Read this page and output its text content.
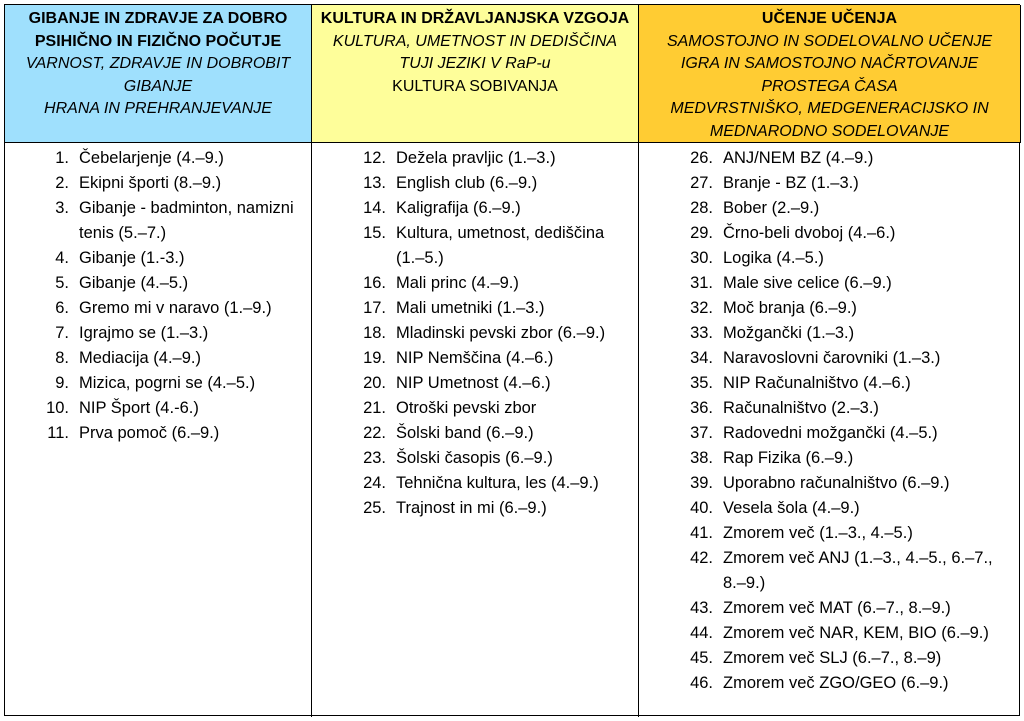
GIBANJE IN ZDRAVJE ZA DOBRO
PSIHIČNO IN FIZIČNO POČUTJE
VARNOST, ZDRAVJE IN DOBROBIT
GIBANJE
HRANA IN PREHRANJEVANJE
KULTURA IN DRŽAVLJANJSKA VZGOJA
KULTURA, UMETNOST IN DEDIŠČINA
TUJI JEZIKI V RaP-u
KULTURA SOBIVANJA
UČENJE UČENJA
SAMOSTOJNO IN SODELOVALNO UČENJE
IGRA IN SAMOSTOJNO NAČRTOVANJE
PROSTEGA ČASA
MEDVRSTNIŠKO, MEDGENERACIJSKO IN
MEDNARODNO SODELOVANJE
1. Čebelarjenje (4.–9.)
2. Ekipni športi (8.–9.)
3. Gibanje - badminton, namizni tenis (5.–7.)
4. Gibanje (1.-3.)
5. Gibanje (4.–5.)
6. Gremo mi v naravo (1.–9.)
7. Igrajmo se (1.–3.)
8. Mediacija (4.–9.)
9. Mizica, pogrni se (4.–5.)
10. NIP Šport (4.-6.)
11. Prva pomoč (6.–9.)
12. Dežela pravljic (1.–3.)
13. English club (6.–9.)
14. Kaligrafija (6.–9.)
15. Kultura, umetnost, dediščina (1.–5.)
16. Mali princ (4.–9.)
17. Mali umetniki (1.–3.)
18. Mladinski pevski zbor (6.–9.)
19. NIP Nemščina (4.–6.)
20. NIP Umetnost (4.–6.)
21. Otroški pevski zbor
22. Šolski band (6.–9.)
23. Šolski časopis (6.–9.)
24. Tehnična kultura, les (4.–9.)
25. Trajnost in mi (6.–9.)
26. ANJ/NEM BZ (4.–9.)
27. Branje - BZ (1.–3.)
28. Bober (2.–9.)
29. Črno-beli dvoboj (4.–6.)
30. Logika (4.–5.)
31. Male sive celice (6.–9.)
32. Moč branja (6.–9.)
33. Možgančki (1.–3.)
34. Naravoslovni čarovniki (1.–3.)
35. NIP Računalništvo (4.–6.)
36. Računalništvo (2.–3.)
37. Radovedni možgančki (4.–5.)
38. Rap Fizika (6.–9.)
39. Uporabno računalništvo (6.–9.)
40. Vesela šola (4.–9.)
41. Zmorem več (1.–3., 4.–5.)
42. Zmorem več ANJ (1.–3., 4.–5., 6.–7., 8.–9.)
43. Zmorem več MAT (6.–7., 8.–9.)
44. Zmorem več NAR, KEM, BIO (6.–9.)
45. Zmorem več SLJ (6.–7., 8.–9)
46. Zmorem več ZGO/GEO (6.–9.)
